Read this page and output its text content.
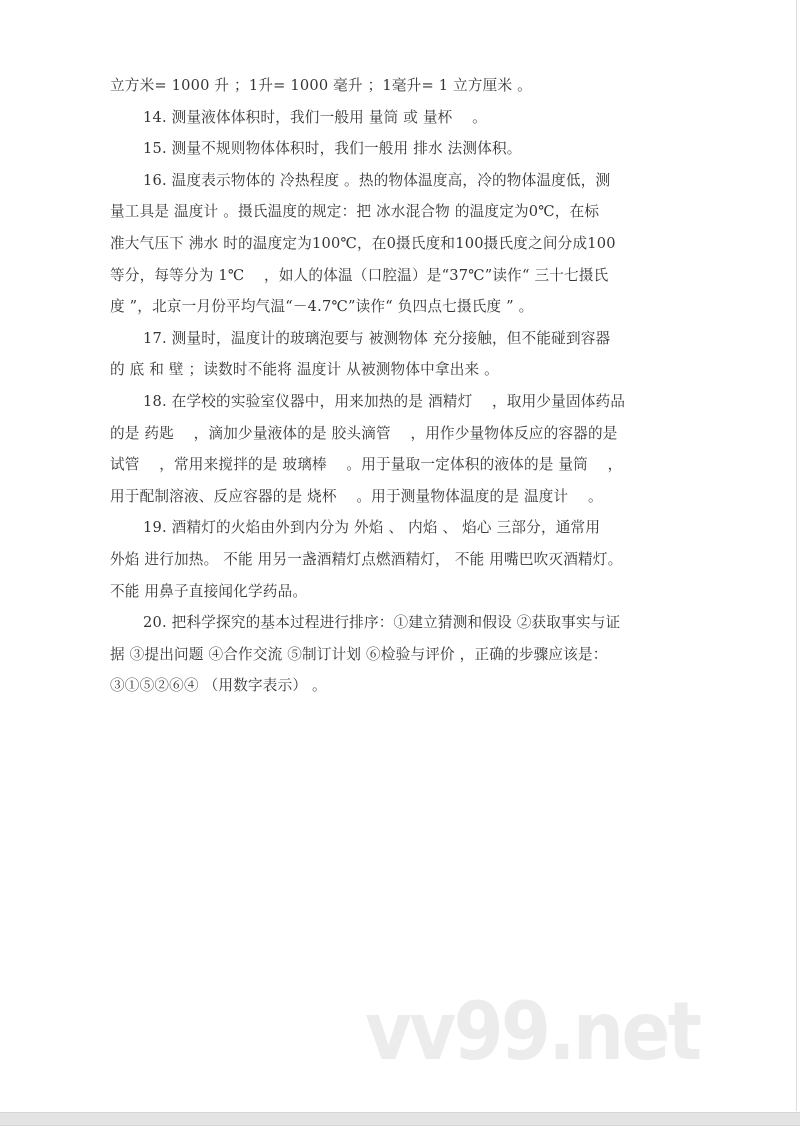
立方米= 1000 升 ；1升= 1000 毫升 ；1毫升= 1 立方厘米 。
14. 测量液体体积时，我们一般用 量筒 或 量杯 　。
15. 测量不规则物体体积时，我们一般用 排水 法测体积。
16. 温度表示物体的 冷热程度 。热的物体温度高，冷的物体温度低，测
量工具是 温度计 。摄氏温度的规定：把 冰水混合物 的温度定为0℃，在标
准大气压下 沸水 时的温度定为100℃，在0摄氏度和100摄氏度之间分成100
等分，每等分为 1℃ 　，如人的体温（口腔温）是“37℃”读作“ 三十七摄氏
度 ”，北京一月份平均气温“－4.7℃”读作“ 负四点七摄氏度 ” 。
17. 测量时，温度计的玻璃泡要与 被测物体 充分接触，但不能碰到容器
的 底 和 壁 ；读数时不能将 温度计 从被测物体中拿出来 。
18. 在学校的实验室仪器中，用来加热的是 酒精灯 　，取用少量固体药品
的是 药匙 　，滴加少量液体的是 胶头滴管 　，用作少量物体反应的容器的是
试管 　，常用来搅拌的是 玻璃棒 　。用于量取一定体积的液体的是 量筒 　，
用于配制溶液、反应容器的是 烧杯 　。用于测量物体温度的是 温度计 　。
19. 酒精灯的火焰由外到内分为 外焰 、 内焰 、 焰心 三部分，通常用
外焰 进行加热。 不能 用另一盏酒精灯点燃酒精灯， 不能 用嘴巴吹灭酒精灯。
不能 用鼻子直接闻化学药品。
20. 把科学探究的基本过程进行排序：①建立猜测和假设 ②获取事实与证
据 ③提出问题 ④合作交流 ⑤制订计划 ⑥检验与评价 ，正确的步骤应该是：
③①⑤②⑥④ （用数字表示） 。
vv99.net
